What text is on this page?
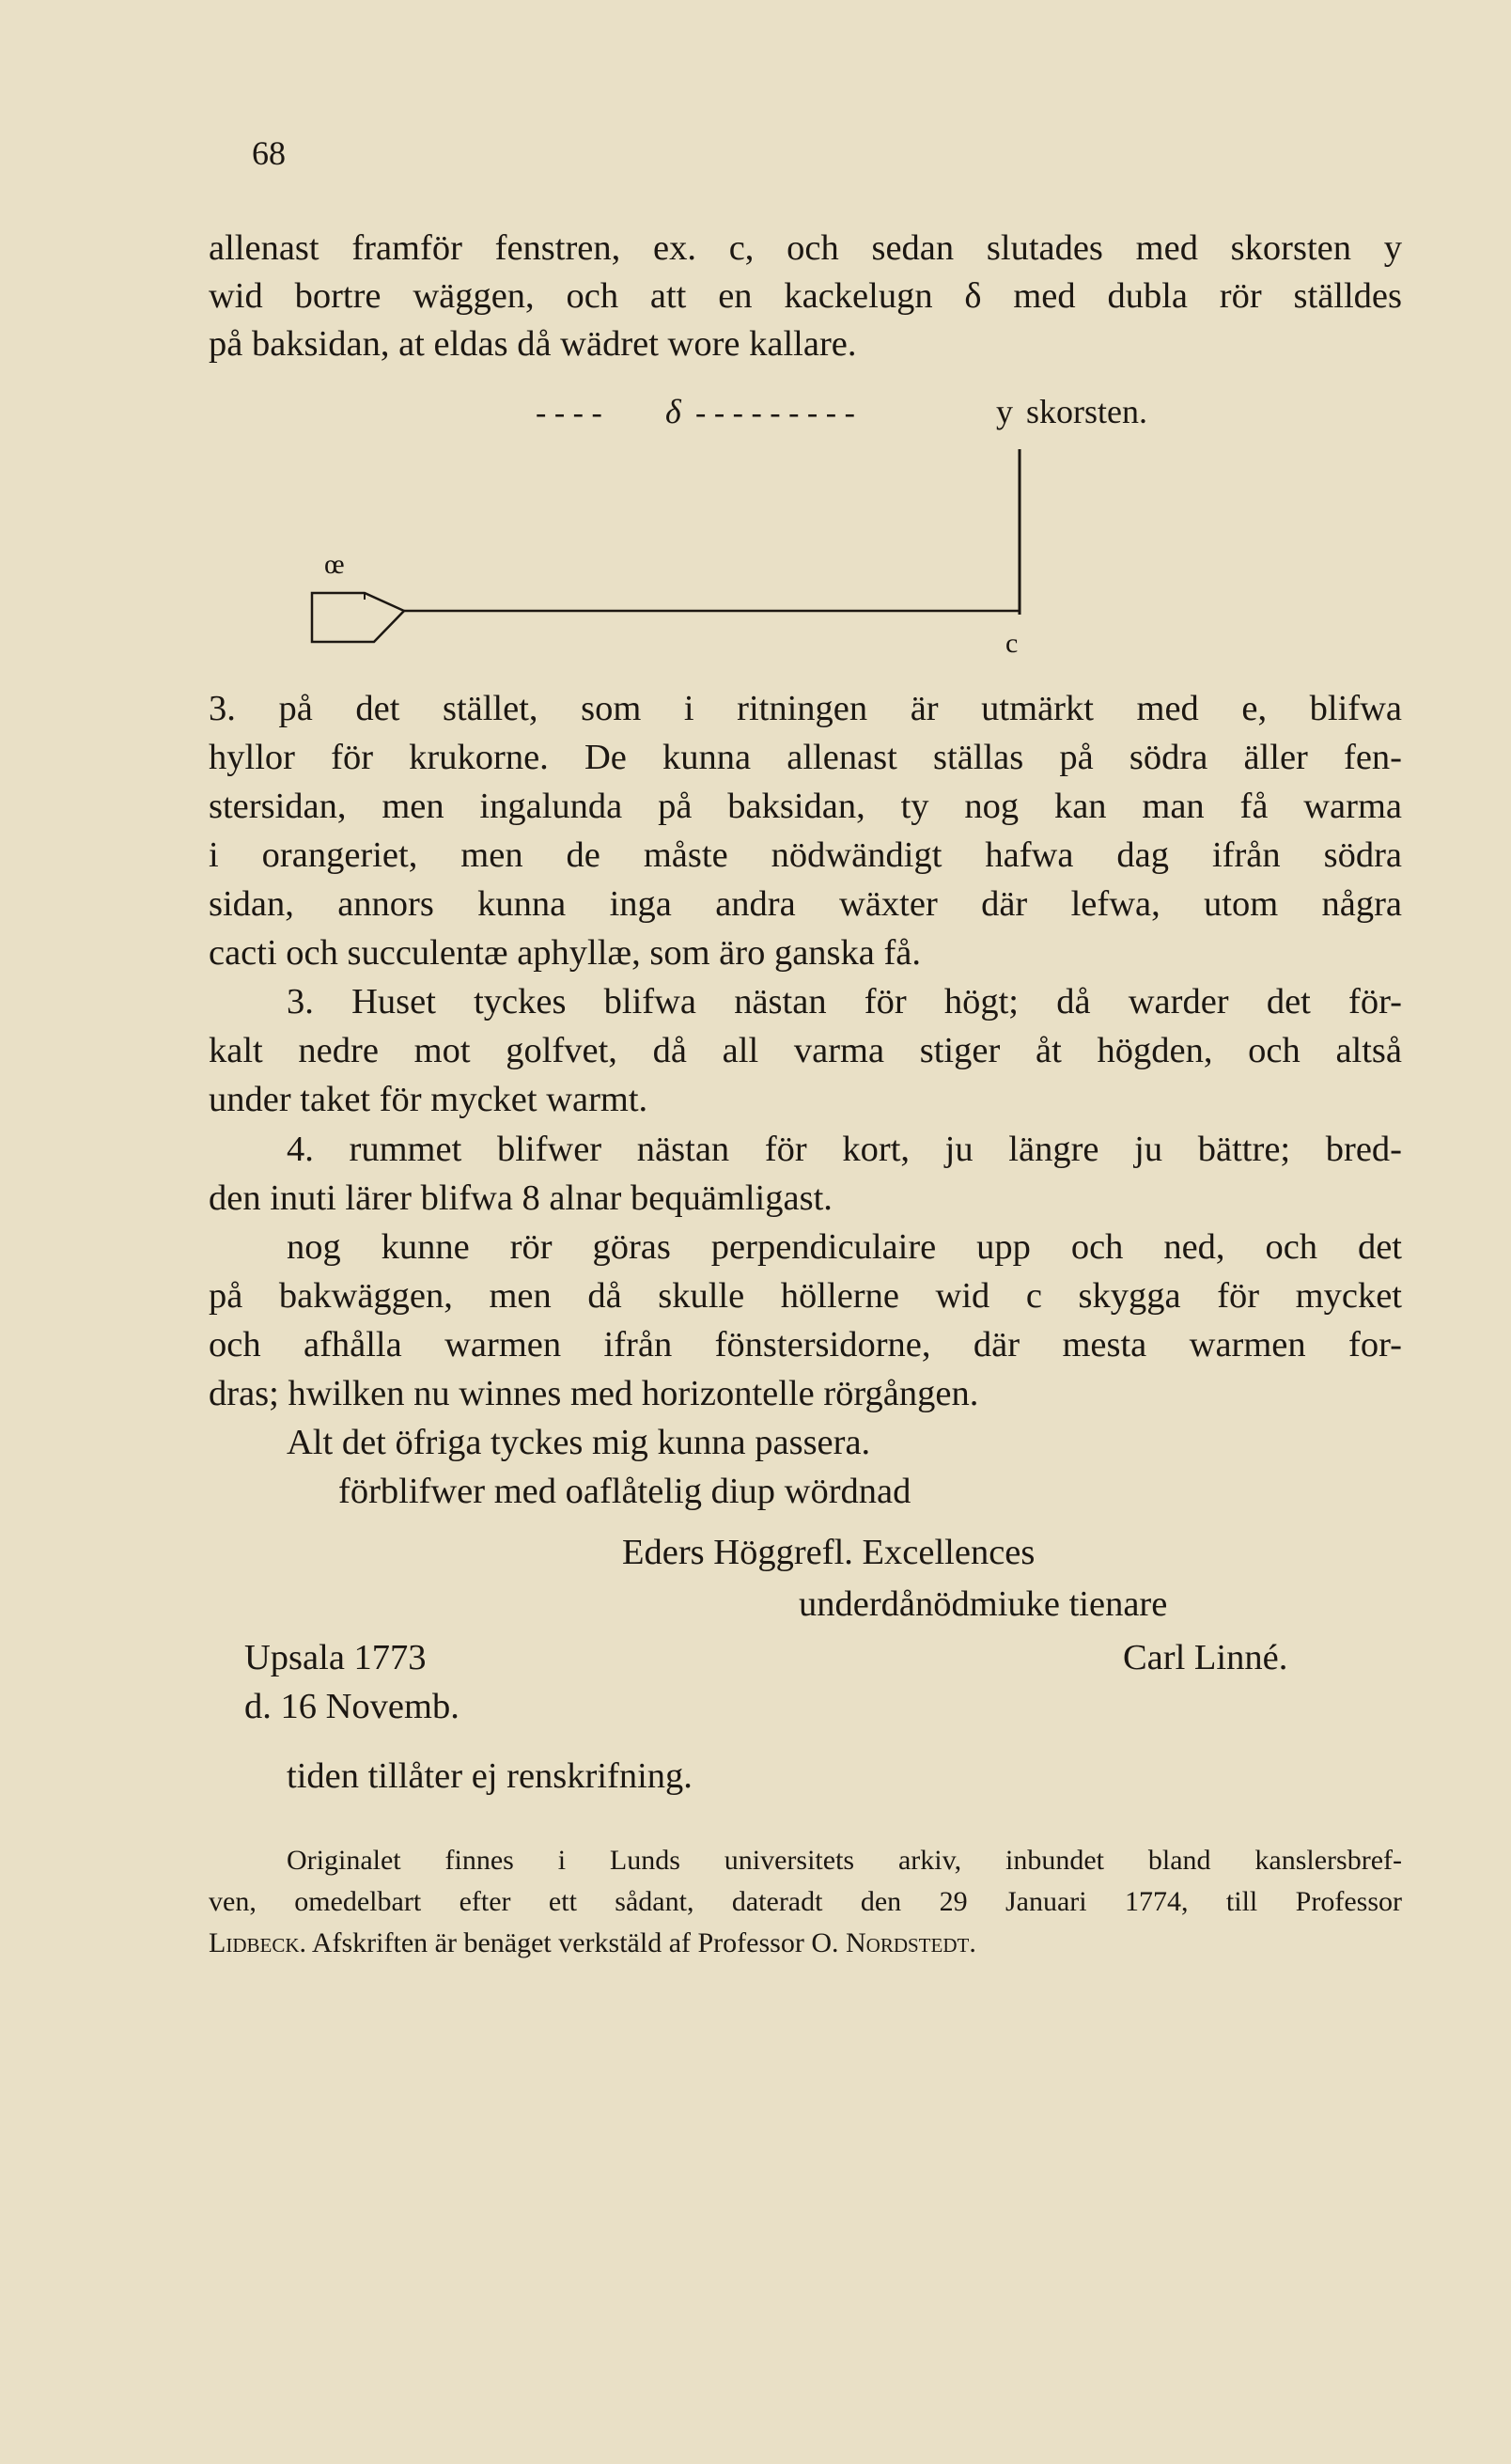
68
allenast framför fenstren, ex. c, och sedan slutades med skorsten y
wid bortre wäggen, och att en kackelugn δ med dubla rör ställdes
på baksidan, at eldas då wädret wore kallare.
- - - - δ - - - - - - - - -	y skorsten.
œ
c
3. på det stället, som i ritningen är utmärkt med e, blifwa
hyllor för krukorne. De kunna allenast ställas på södra äller fen-
stersidan, men ingalunda på baksidan, ty nog kan man få warma
i orangeriet, men de måste nödwändigt hafwa dag ifrån södra
sidan, annors kunna inga andra wäxter där lefwa, utom några
cacti och succulentæ aphyllæ, som äro ganska få.
3. Huset tyckes blifwa nästan för högt; då warder det för-
kalt nedre mot golfvet, då all varma stiger åt högden, och altså
under taket för mycket warmt.
4. rummet blifwer nästan för kort, ju längre ju bättre; bred-
den inuti lärer blifwa 8 alnar bequämligast.
nog kunne rör göras perpendiculaire upp och ned, och det
på bakwäggen, men då skulle höllerne wid c skygga för mycket
och afhålla warmen ifrån fönstersidorne, där mesta warmen for-
dras; hwilken nu winnes med horizontelle rörgången.
Alt det öfriga tyckes mig kunna passera.
förblifwer med oaflåtelig diup wördnad
Eders Höggrefl. Excellences
underdånödmiuke tienare
Upsala 1773	Carl Linné.
d. 16 Novemb.
tiden tillåter ej renskrifning.
Originalet finnes i Lunds universitets arkiv, inbundet bland kanslersbref-
ven, omedelbart efter ett sådant, dateradt den 29 Januari 1774, till Professor
Lidbeck. Afskriften är benäget verkstäld af Professor O. Nordstedt.
